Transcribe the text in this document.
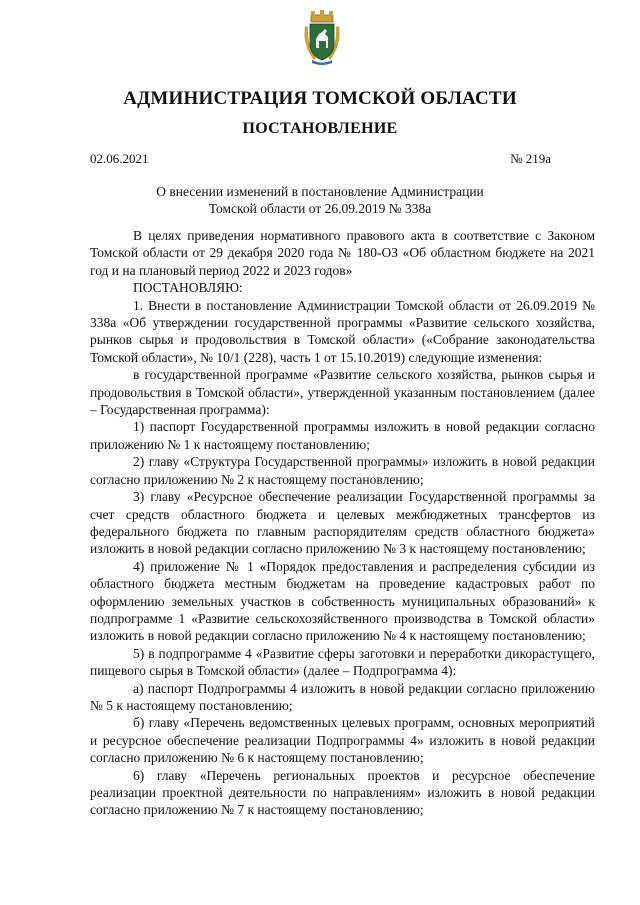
АДМИНИСТРАЦИЯ ТОМСКОЙ ОБЛАСТИ
ПОСТАНОВЛЕНИЕ
02.06.2021	№ 219а
О внесении изменений в постановление Администрации
Томской области от 26.09.2019 № 338а

В целях приведения нормативного правового акта в соответствие с Законом Томской области от 29 декабря 2020 года № 180-ОЗ «Об областном бюджете на 2021 год и на плановый период 2022 и 2023 годов»

ПОСТАНОВЛЯЮ:

1. Внести в постановление Администрации Томской области от 26.09.2019 № 338а «Об утверждении государственной программы «Развитие сельского хозяйства, рынков сырья и продовольствия в Томской области» («Собрание законодательства Томской области», № 10/1 (228), часть 1 от 15.10.2019) следующие изменения:

в государственной программе «Развитие сельского хозяйства, рынков сырья и продовольствия в Томской области», утвержденной указанным постановлением (далее – Государственная программа):

1) паспорт Государственной программы изложить в новой редакции согласно приложению № 1 к настоящему постановлению;

2) главу «Структура Государственной программы» изложить в новой редакции согласно приложению № 2 к настоящему постановлению;

3) главу «Ресурсное обеспечение реализации Государственной программы за счет средств областного бюджета и целевых межбюджетных трансфертов из федерального бюджета по главным распорядителям средств областного бюджета» изложить в новой редакции согласно приложению № 3 к настоящему постановлению;

4) приложение № 1 «Порядок предоставления и распределения субсидии из областного бюджета местным бюджетам на проведение кадастровых работ по оформлению земельных участков в собственность муниципальных образований» к подпрограмме 1 «Развитие сельскохозяйственного производства в Томской области» изложить в новой редакции согласно приложению № 4 к настоящему постановлению;

5) в подпрограмме 4 «Развитие сферы заготовки и переработки дикорастущего, пищевого сырья в Томской области» (далее – Подпрограмма 4):

а) паспорт Подпрограммы 4 изложить в новой редакции согласно приложению № 5 к настоящему постановлению;

б) главу «Перечень ведомственных целевых программ, основных мероприятий и ресурсное обеспечение реализации Подпрограммы 4» изложить в новой редакции согласно приложению № 6 к настоящему постановлению;

6) главу «Перечень региональных проектов и ресурсное обеспечение реализации проектной деятельности по направлениям» изложить в новой редакции согласно приложению № 7 к настоящему постановлению;
